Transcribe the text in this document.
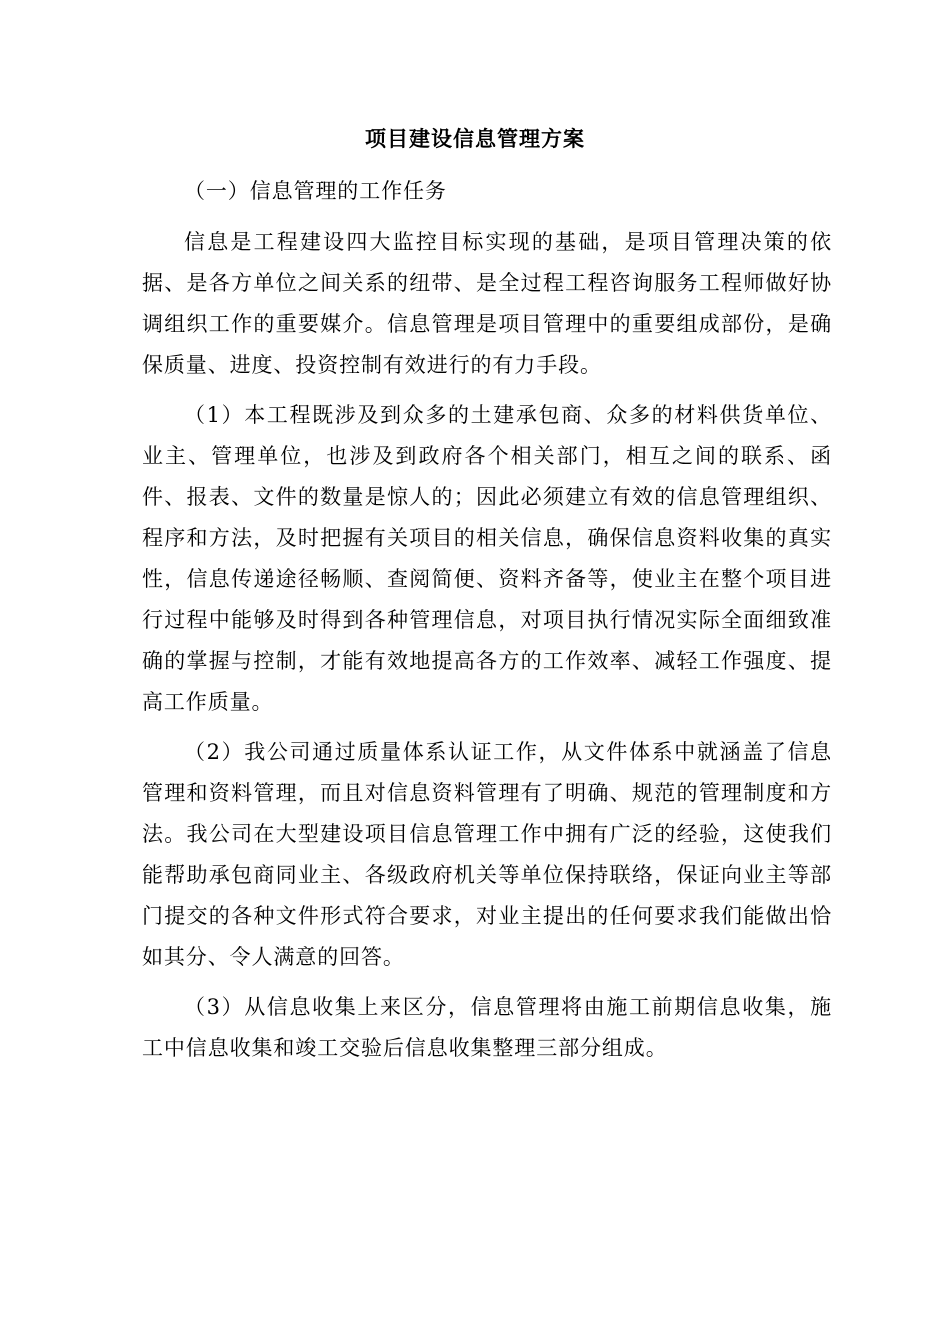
项目建设信息管理方案

（一）信息管理的工作任务

信息是工程建设四大监控目标实现的基础，是项目管理决策的依据、是各方单位之间关系的纽带、是全过程工程咨询服务工程师做好协调组织工作的重要媒介。信息管理是项目管理中的重要组成部份，是确保质量、进度、投资控制有效进行的有力手段。

（1）本工程既涉及到众多的土建承包商、众多的材料供货单位、业主、管理单位，也涉及到政府各个相关部门，相互之间的联系、函件、报表、文件的数量是惊人的；因此必须建立有效的信息管理组织、程序和方法，及时把握有关项目的相关信息，确保信息资料收集的真实性，信息传递途径畅顺、查阅简便、资料齐备等，使业主在整个项目进行过程中能够及时得到各种管理信息，对项目执行情况实际全面细致准确的掌握与控制，才能有效地提高各方的工作效率、减轻工作强度、提高工作质量。

（2）我公司通过质量体系认证工作，从文件体系中就涵盖了信息管理和资料管理，而且对信息资料管理有了明确、规范的管理制度和方法。我公司在大型建设项目信息管理工作中拥有广泛的经验，这使我们能帮助承包商同业主、各级政府机关等单位保持联络，保证向业主等部门提交的各种文件形式符合要求，对业主提出的任何要求我们能做出恰如其分、令人满意的回答。

（3）从信息收集上来区分，信息管理将由施工前期信息收集，施工中信息收集和竣工交验后信息收集整理三部分组成。
